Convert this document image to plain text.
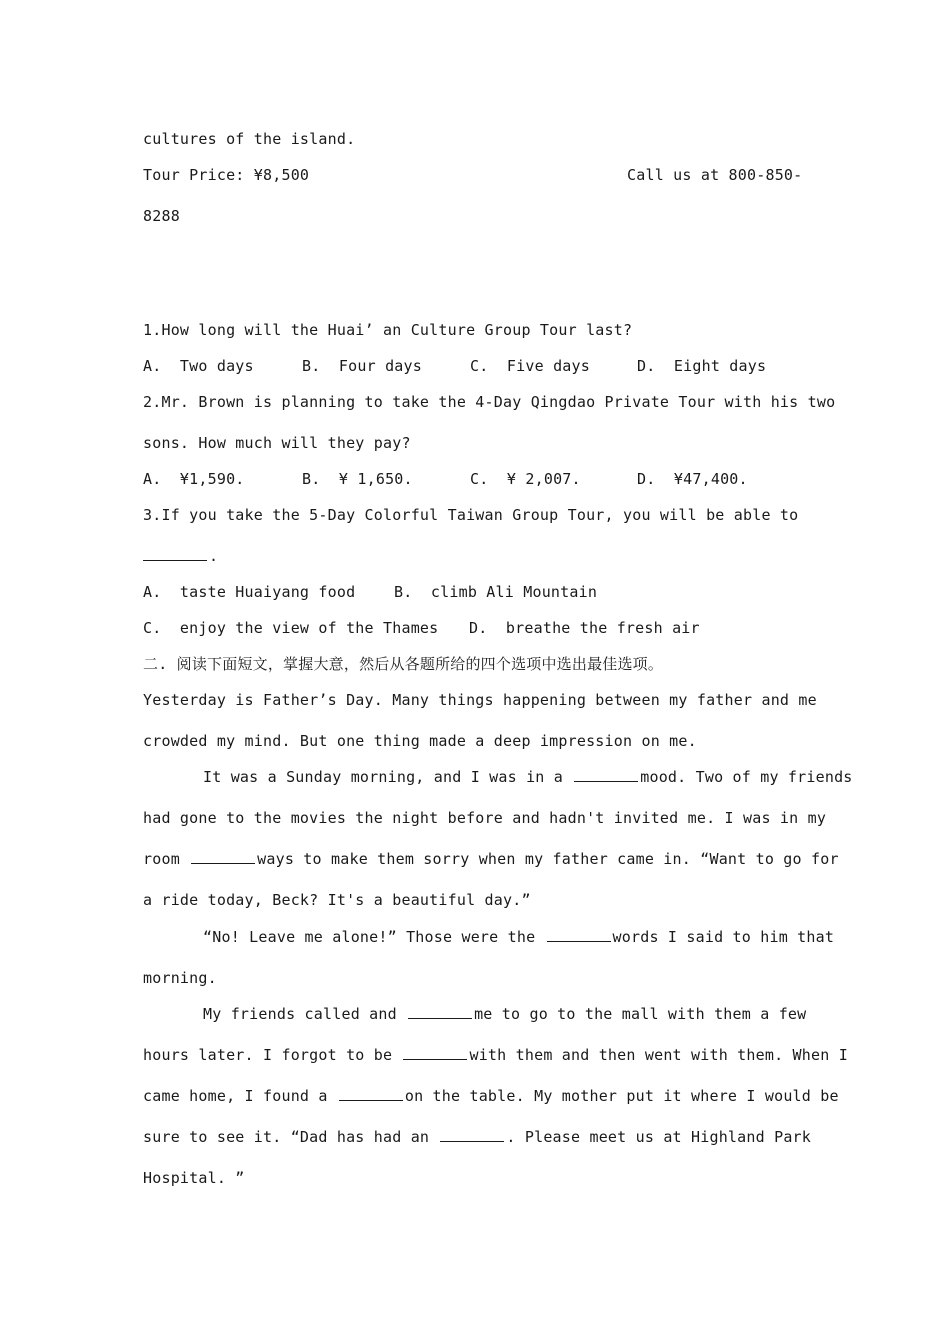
cultures of the island.
Tour Price: ¥8,500	Call us at 800-850-
8288
1.How long will the Huai’ an Culture Group Tour last?
A.  Two days	B.  Four days	C.  Five days	D.  Eight days
2.Mr. Brown is planning to take the 4-Day Qingdao Private Tour with his two
sons. How much will they pay?
A.  ¥1,590.	B.  ¥ 1,650.	C.  ¥ 2,007.	D.  ¥47,400.
3.If you take the 5-Day Colorful Taiwan Group Tour, you will be able to
.
A.  taste Huaiyang food	B.  climb Ali Mountain
C.  enjoy the view of the Thames D.  breathe the fresh air
二. 阅读下面短文，掌握大意，然后从各题所给的四个选项中选出最佳选项。
Yesterday is Father’s Day. Many things happening between my father and me
crowded my mind. But one thing made a deep impression on me.
It was a Sunday morning, and I was in a	mood. Two of my friends
had gone to the movies the night before and hadn't invited me. I was in my
room	ways to make them sorry when my father came in. “Want to go for
a ride today, Beck? It's a beautiful day.”
“No! Leave me alone!” Those were the	words I said to him that
morning.
My friends called and	me to go to the mall with them a few
hours later. I forgot to be	with them and then went with them. When I
came home, I found a	on the table. My mother put it where I would be
sure to see it. “Dad has had an	. Please meet us at Highland Park
Hospital. ”
